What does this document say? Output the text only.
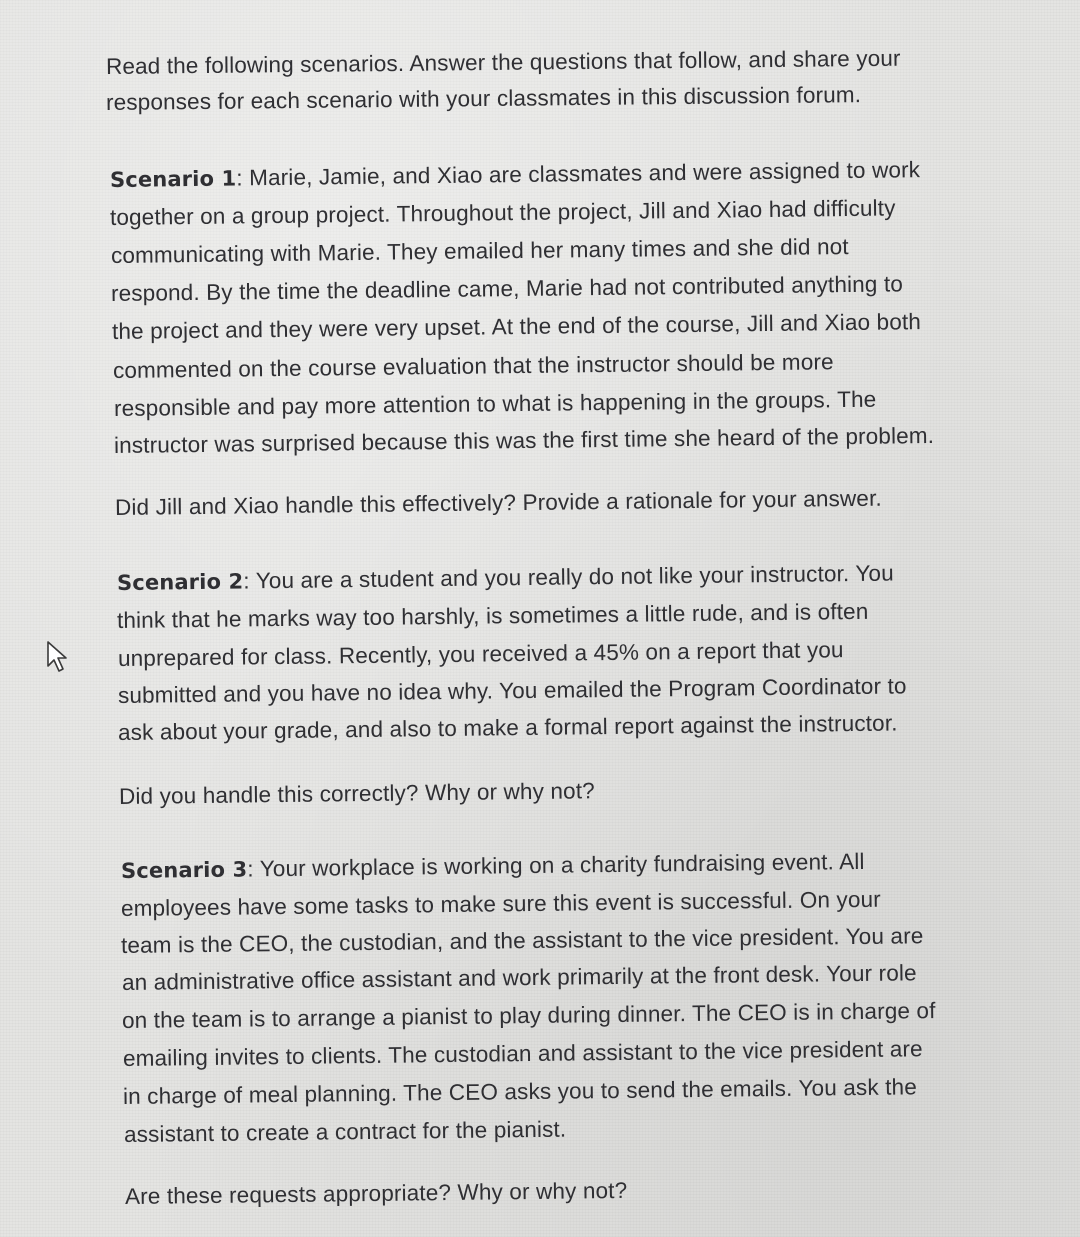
Read the following scenarios. Answer the questions that follow, and share your
responses for each scenario with your classmates in this discussion forum.
Scenario 1: Marie, Jamie, and Xiao are classmates and were assigned to work
together on a group project. Throughout the project, Jill and Xiao had difficulty
communicating with Marie. They emailed her many times and she did not
respond. By the time the deadline came, Marie had not contributed anything to
the project and they were very upset. At the end of the course, Jill and Xiao both
commented on the course evaluation that the instructor should be more
responsible and pay more attention to what is happening in the groups. The
instructor was surprised because this was the first time she heard of the problem.
Did Jill and Xiao handle this effectively? Provide a rationale for your answer.
Scenario 2: You are a student and you really do not like your instructor. You
think that he marks way too harshly, is sometimes a little rude, and is often
unprepared for class. Recently, you received a 45% on a report that you
submitted and you have no idea why. You emailed the Program Coordinator to
ask about your grade, and also to make a formal report against the instructor.
Did you handle this correctly? Why or why not?
Scenario 3: Your workplace is working on a charity fundraising event. All
employees have some tasks to make sure this event is successful. On your
team is the CEO, the custodian, and the assistant to the vice president. You are
an administrative office assistant and work primarily at the front desk. Your role
on the team is to arrange a pianist to play during dinner. The CEO is in charge of
emailing invites to clients. The custodian and assistant to the vice president are
in charge of meal planning. The CEO asks you to send the emails. You ask the
assistant to create a contract for the pianist.
Are these requests appropriate? Why or why not?
